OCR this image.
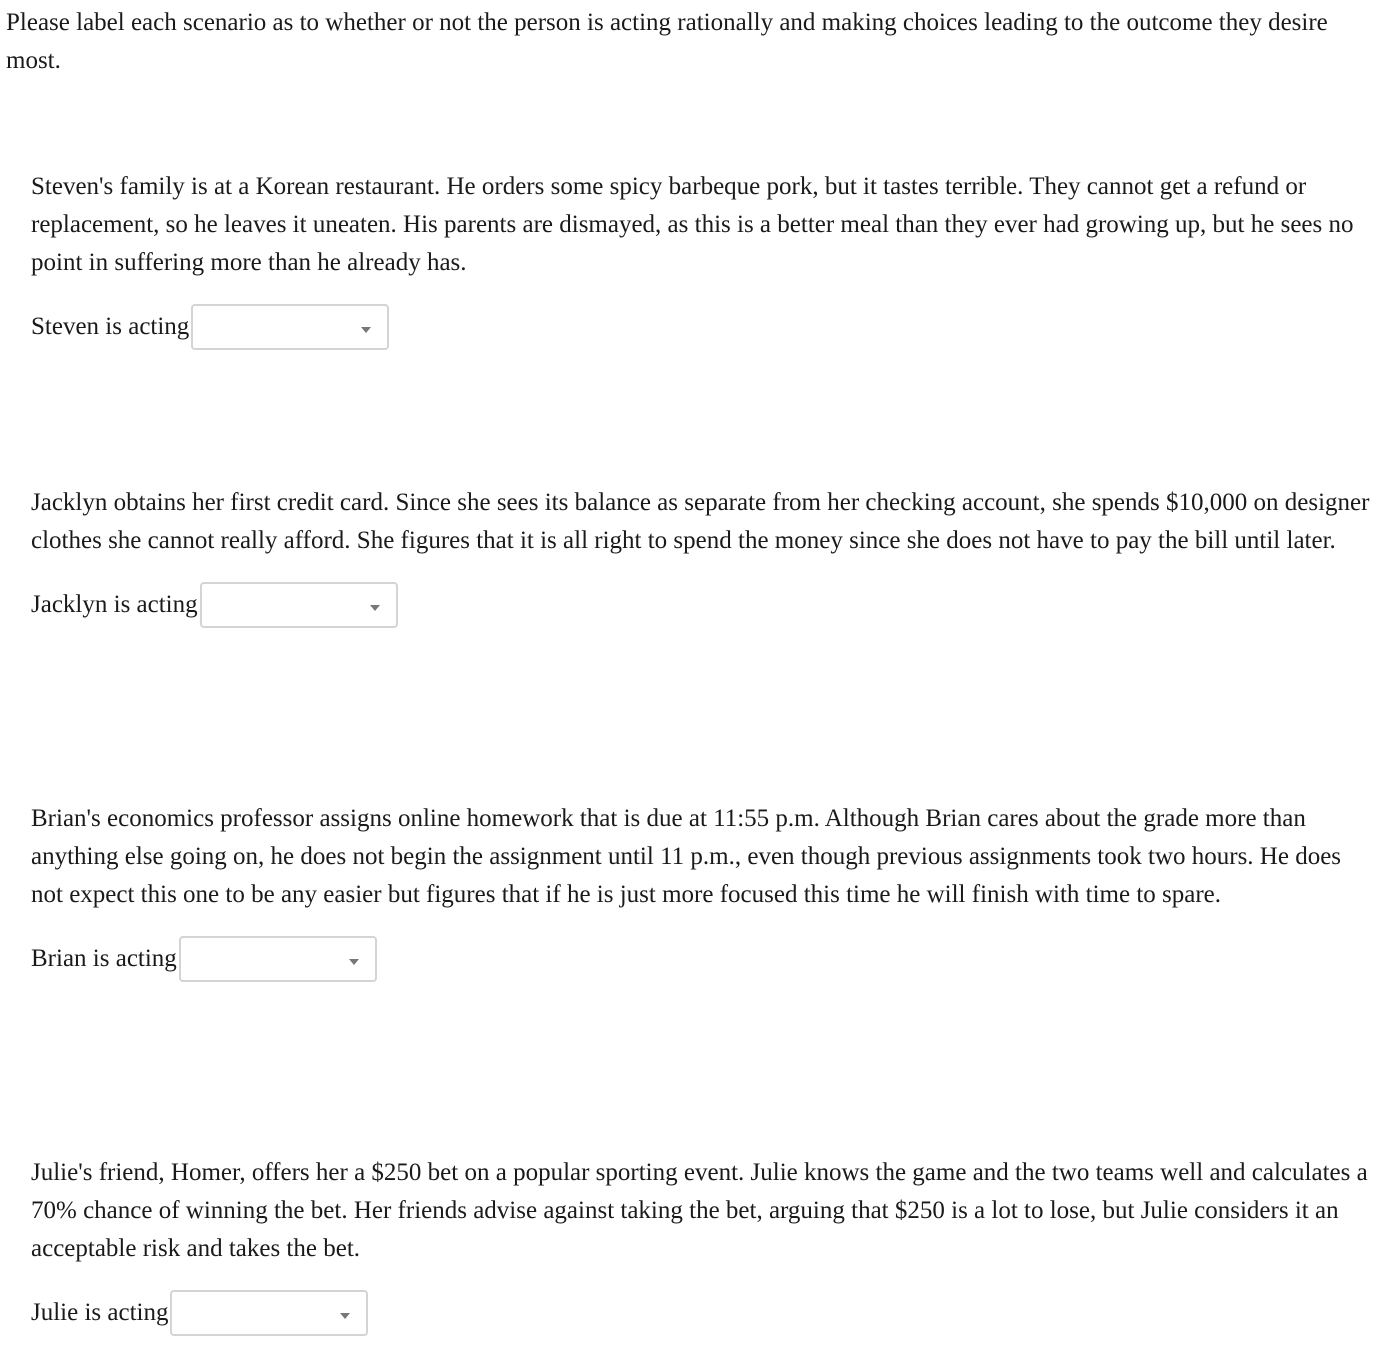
Please label each scenario as to whether or not the person is acting rationally and making choices leading to the outcome they desire most.

Steven's family is at a Korean restaurant. He orders some spicy barbeque pork, but it tastes terrible. They cannot get a refund or replacement, so he leaves it uneaten. His parents are dismayed, as this is a better meal than they ever had growing up, but he sees no point in suffering more than he already has.

Steven is acting

Jacklyn obtains her first credit card. Since she sees its balance as separate from her checking account, she spends $10,000 on designer clothes she cannot really afford. She figures that it is all right to spend the money since she does not have to pay the bill until later.

Jacklyn is acting

Brian's economics professor assigns online homework that is due at 11:55 p.m. Although Brian cares about the grade more than anything else going on, he does not begin the assignment until 11 p.m., even though previous assignments took two hours. He does not expect this one to be any easier but figures that if he is just more focused this time he will finish with time to spare.

Brian is acting

Julie's friend, Homer, offers her a $250 bet on a popular sporting event. Julie knows the game and the two teams well and calculates a 70% chance of winning the bet. Her friends advise against taking the bet, arguing that $250 is a lot to lose, but Julie considers it an acceptable risk and takes the bet.

Julie is acting
